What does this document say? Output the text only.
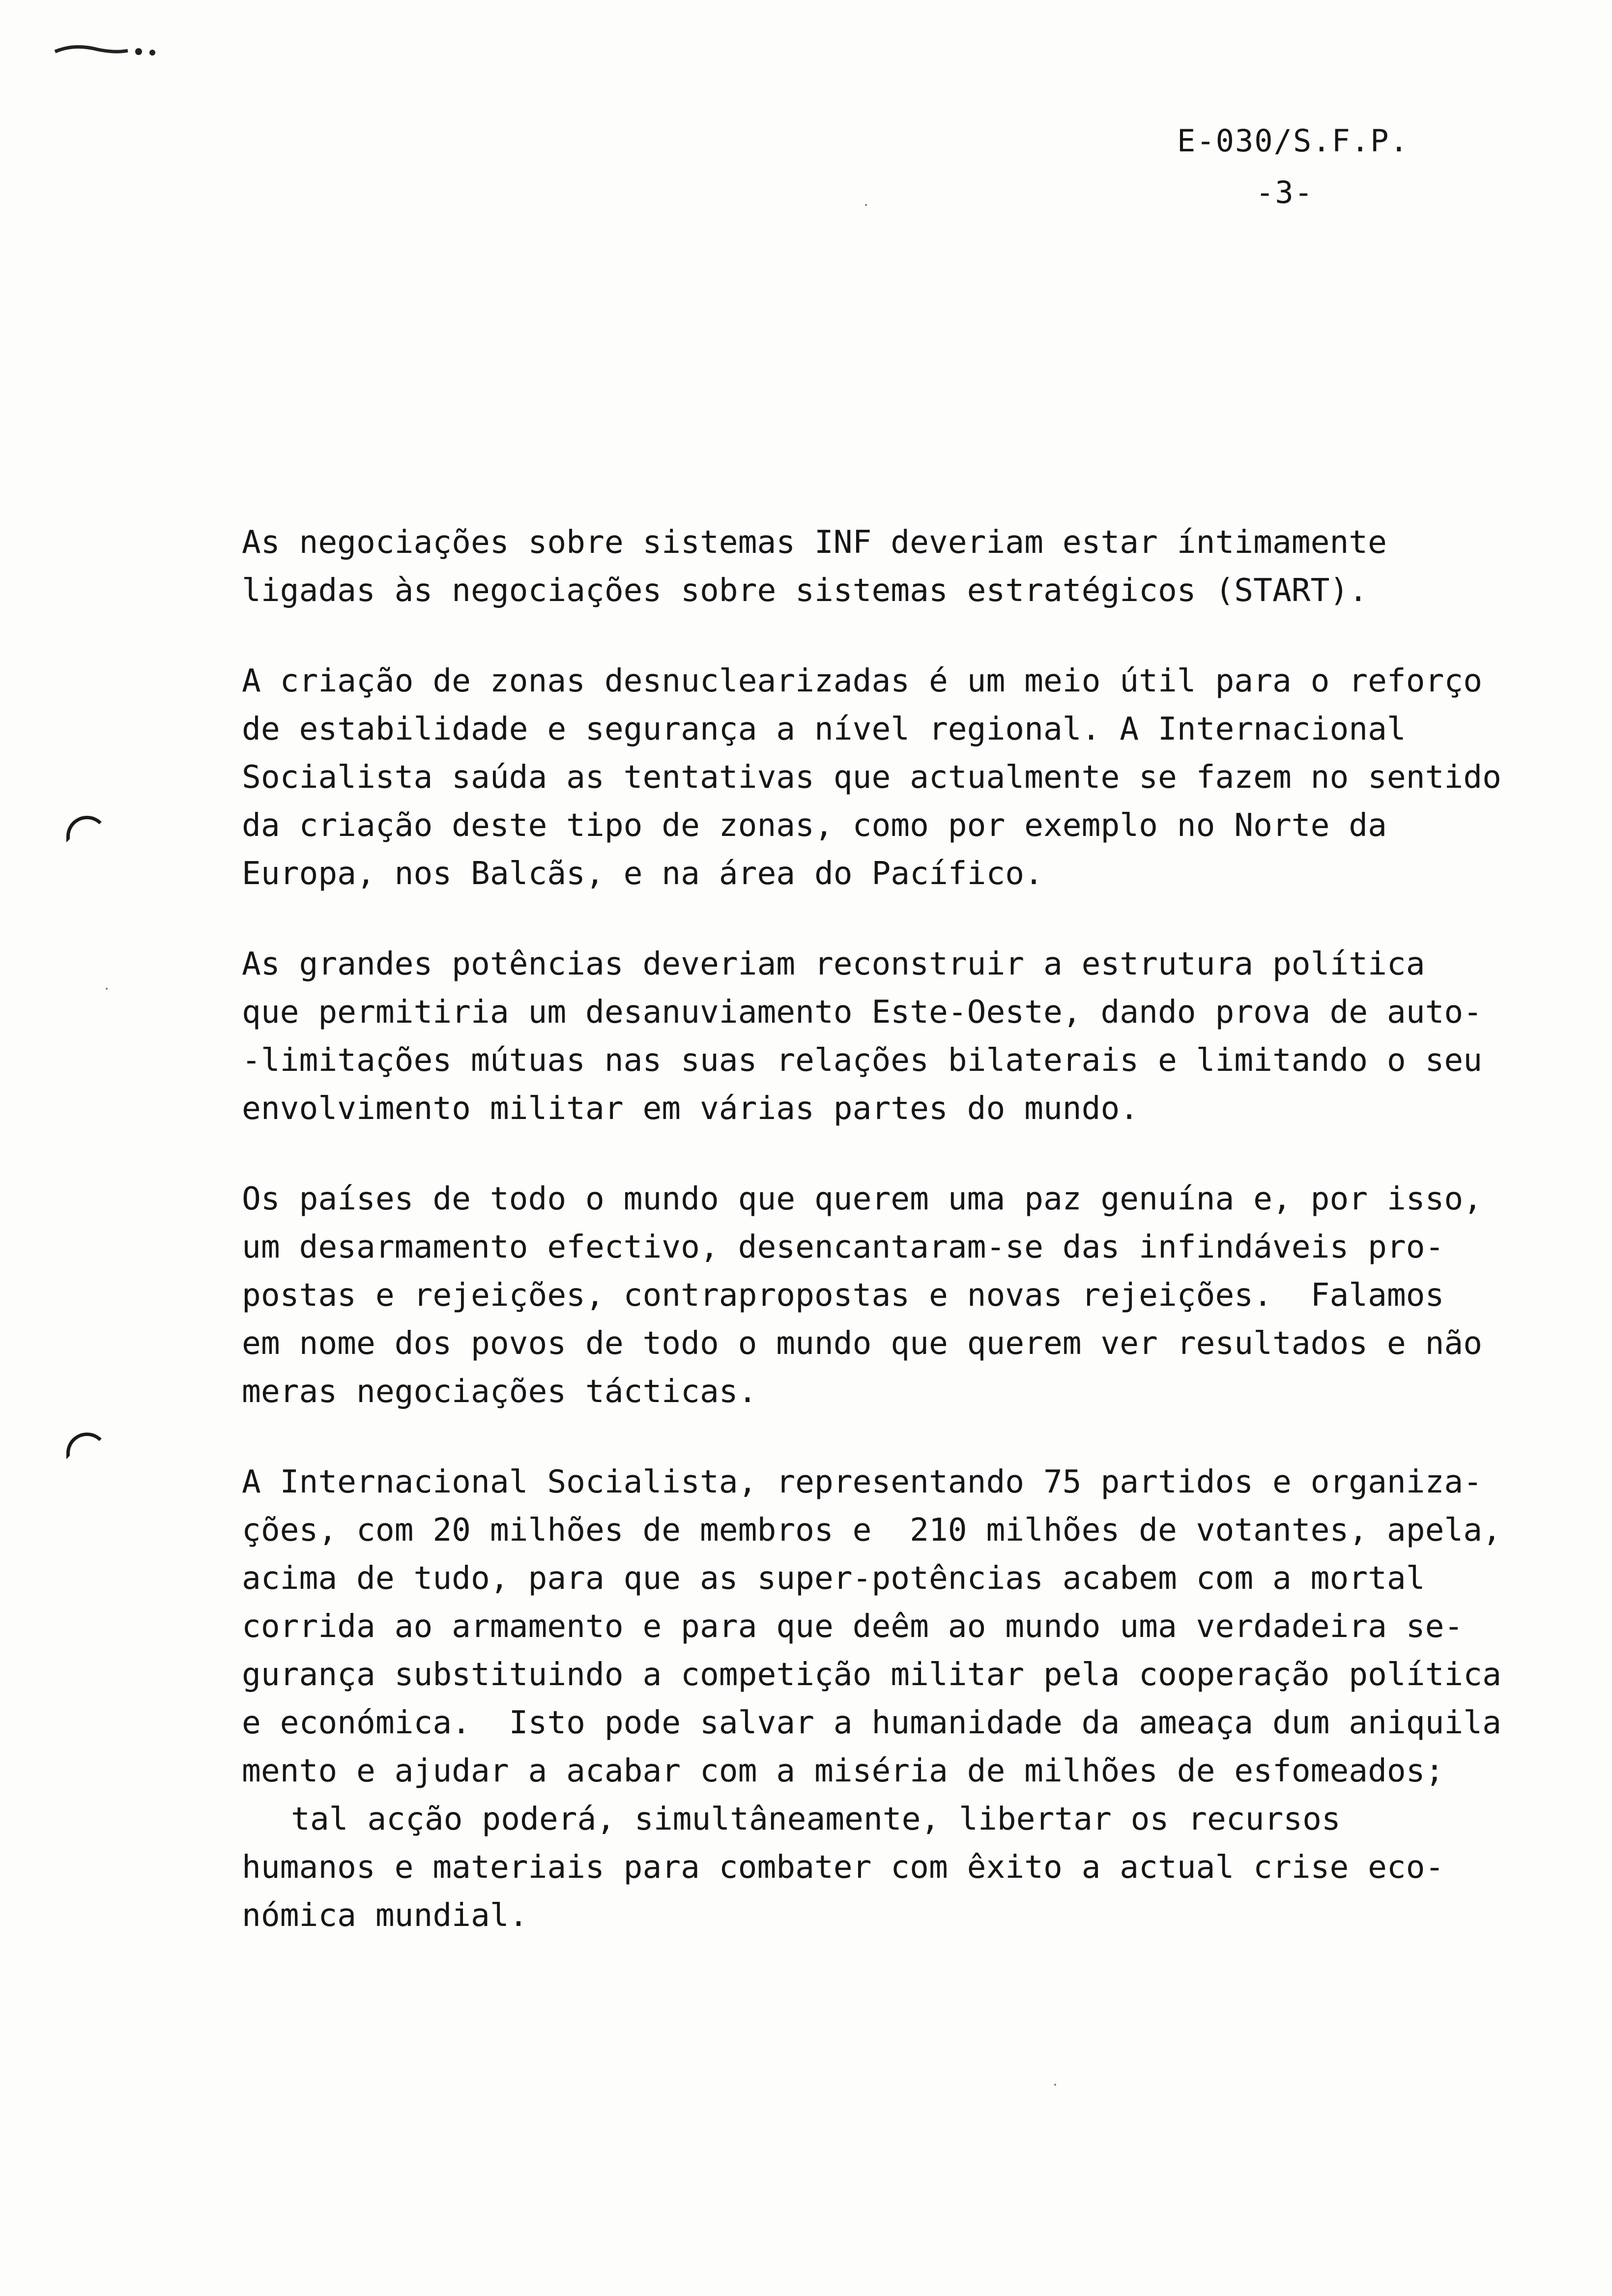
E-030/S.F.P.
-3-
As negociações sobre sistemas INF deveriam estar íntimamente
ligadas às negociações sobre sistemas estratégicos (START).
A criação de zonas desnuclearizadas é um meio útil para o reforço
de estabilidade e segurança a nível regional. A Internacional
Socialista saúda as tentativas que actualmente se fazem no sentido
da criação deste tipo de zonas, como por exemplo no Norte da
Europa, nos Balcãs, e na área do Pacífico.
As grandes potências deveriam reconstruir a estrutura política
que permitiria um desanuviamento Este-Oeste, dando prova de auto-
-limitações mútuas nas suas relações bilaterais e limitando o seu
envolvimento militar em várias partes do mundo.
Os países de todo o mundo que querem uma paz genuína e, por isso,
um desarmamento efectivo, desencantaram-se das infindáveis pro-
postas e rejeições, contrapropostas e novas rejeições.  Falamos
em nome dos povos de todo o mundo que querem ver resultados e não
meras negociações tácticas.
A Internacional Socialista, representando 75 partidos e organiza-
ções, com 20 milhões de membros e  210 milhões de votantes, apela,
acima de tudo, para que as super-potências acabem com a mortal
corrida ao armamento e para que deêm ao mundo uma verdadeira se-
gurança substituindo a competição militar pela cooperação política
e económica.  Isto pode salvar a humanidade da ameaça dum aniquila
mento e ajudar a acabar com a miséria de milhões de esfomeados;
tal acção poderá, simultâneamente, libertar os recursos
humanos e materiais para combater com êxito a actual crise eco-
nómica mundial.
